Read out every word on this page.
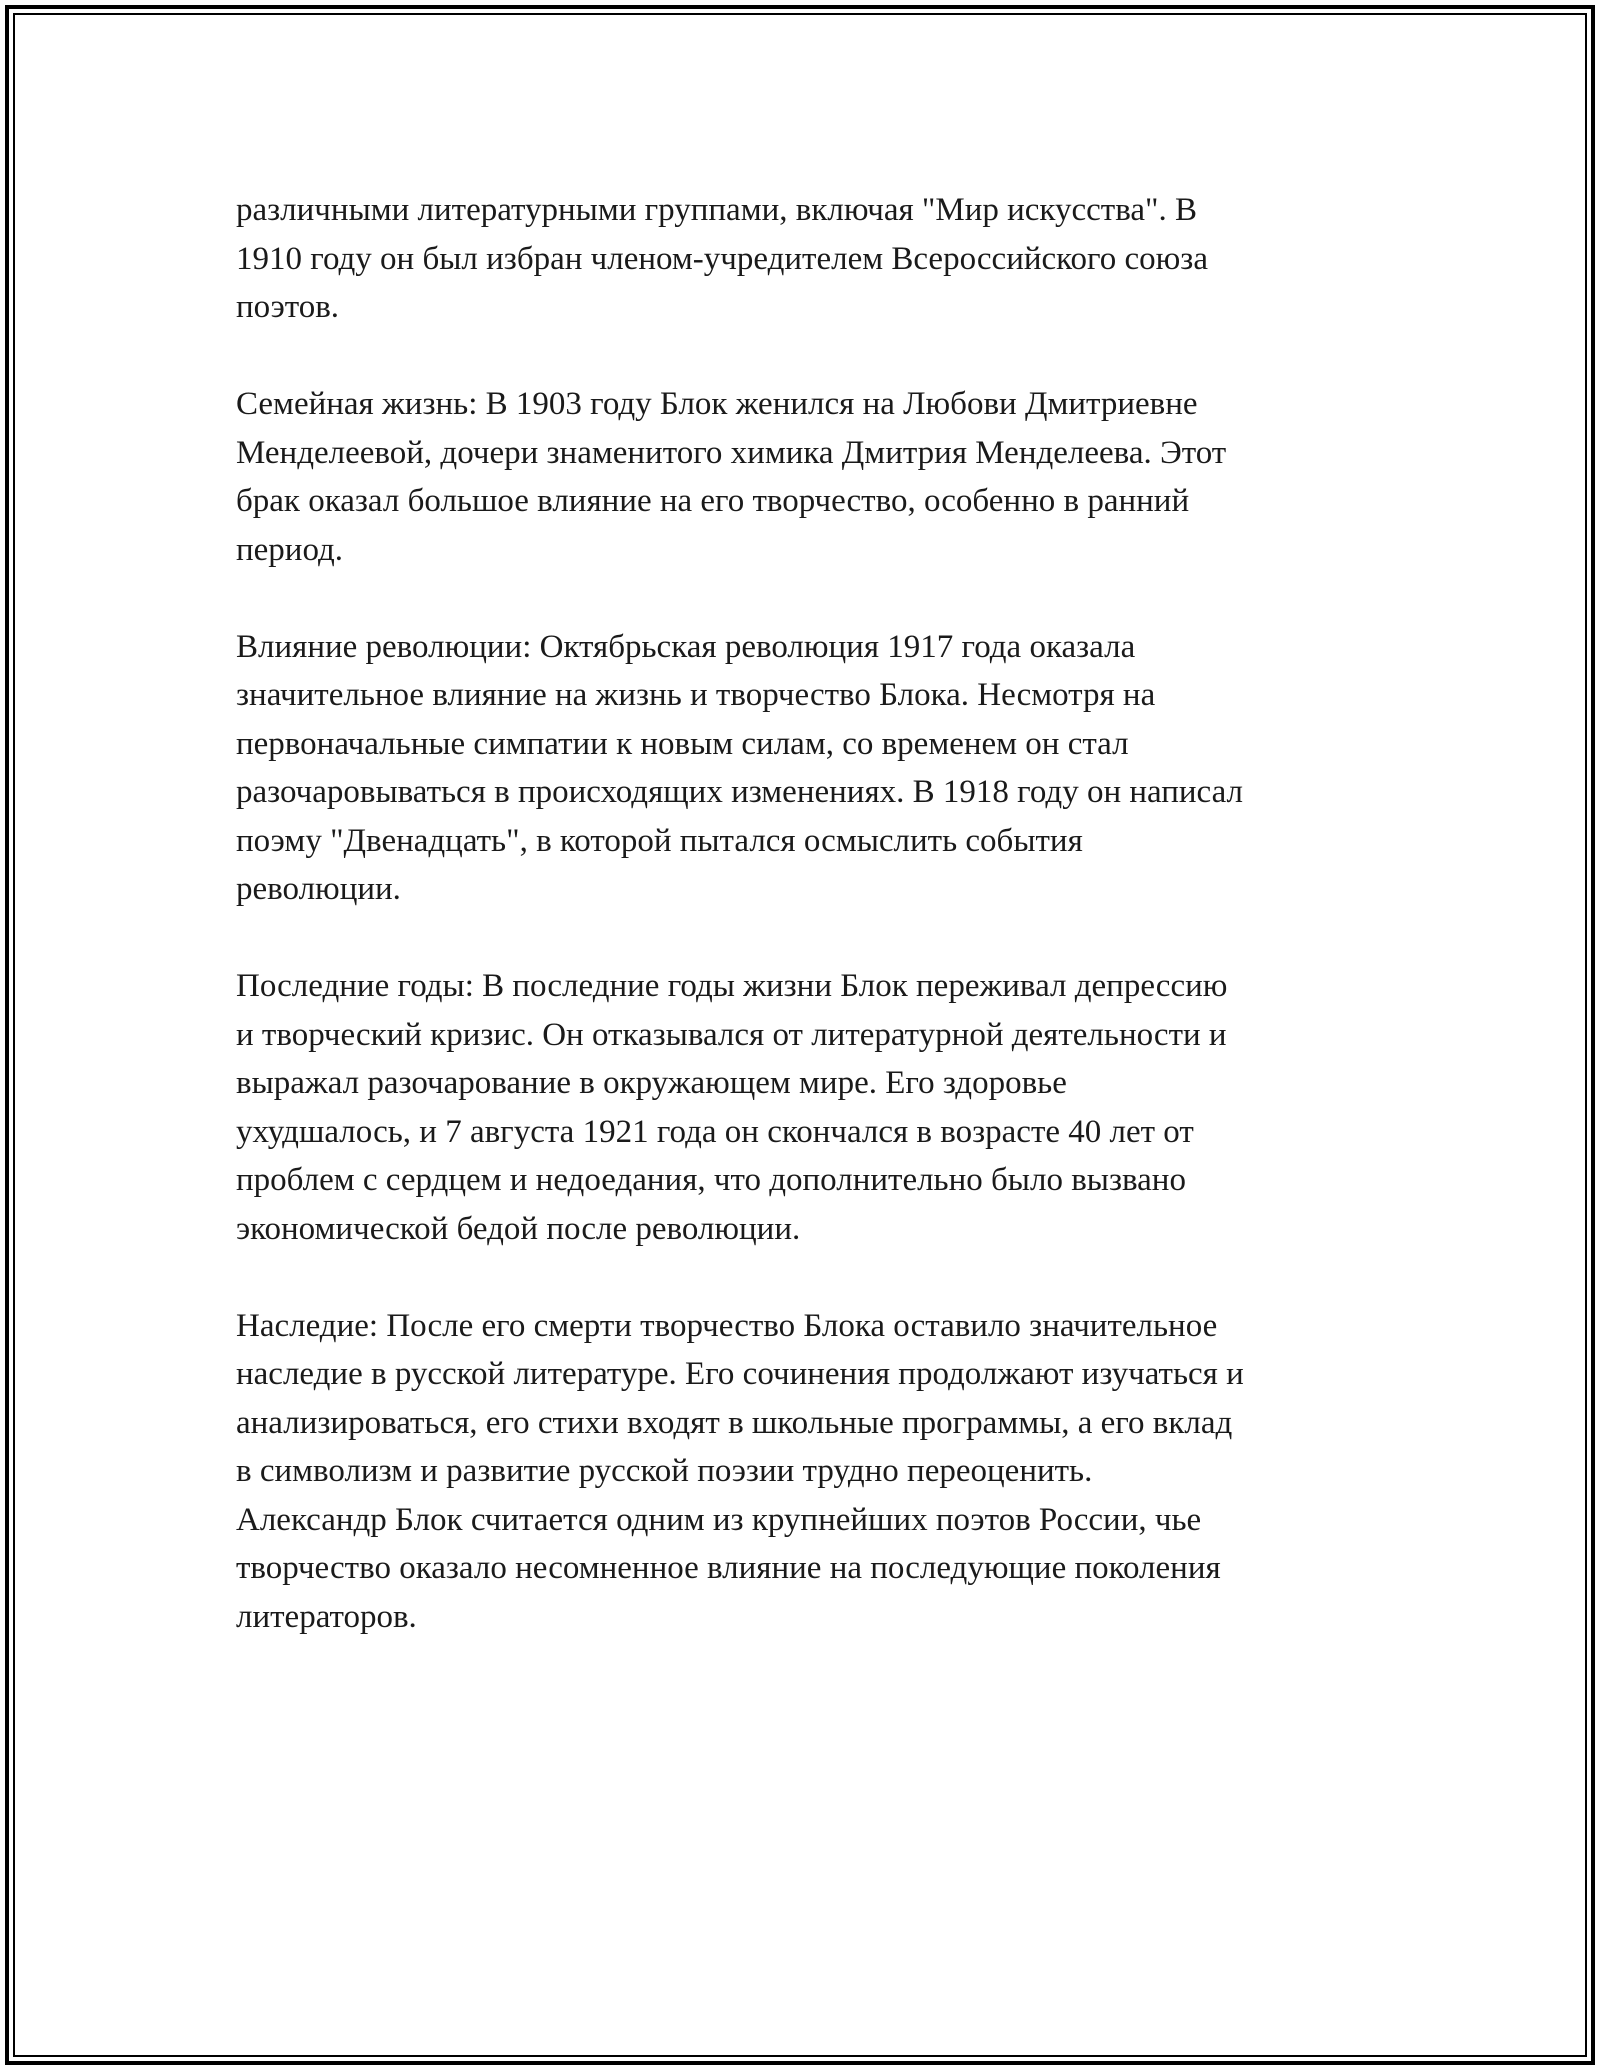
различными литературными группами, включая "Мир искусства". В
1910 году он был избран членом-учредителем Всероссийского союза
поэтов.

Семейная жизнь: В 1903 году Блок женился на Любови Дмитриевне
Менделеевой, дочери знаменитого химика Дмитрия Менделеева. Этот
брак оказал большое влияние на его творчество, особенно в ранний
период.

Влияние революции: Октябрьская революция 1917 года оказала
значительное влияние на жизнь и творчество Блока. Несмотря на
первоначальные симпатии к новым силам, со временем он стал
разочаровываться в происходящих изменениях. В 1918 году он написал
поэму "Двенадцать", в которой пытался осмыслить события
революции.

Последние годы: В последние годы жизни Блок переживал депрессию
и творческий кризис. Он отказывался от литературной деятельности и
выражал разочарование в окружающем мире. Его здоровье
ухудшалось, и 7 августа 1921 года он скончался в возрасте 40 лет от
проблем с сердцем и недоедания, что дополнительно было вызвано
экономической бедой после революции.

Наследие: После его смерти творчество Блока оставило значительное
наследие в русской литературе. Его сочинения продолжают изучаться и
анализироваться, его стихи входят в школьные программы, а его вклад
в символизм и развитие русской поэзии трудно переоценить.
Александр Блок считается одним из крупнейших поэтов России, чье
творчество оказало несомненное влияние на последующие поколения
литераторов.
